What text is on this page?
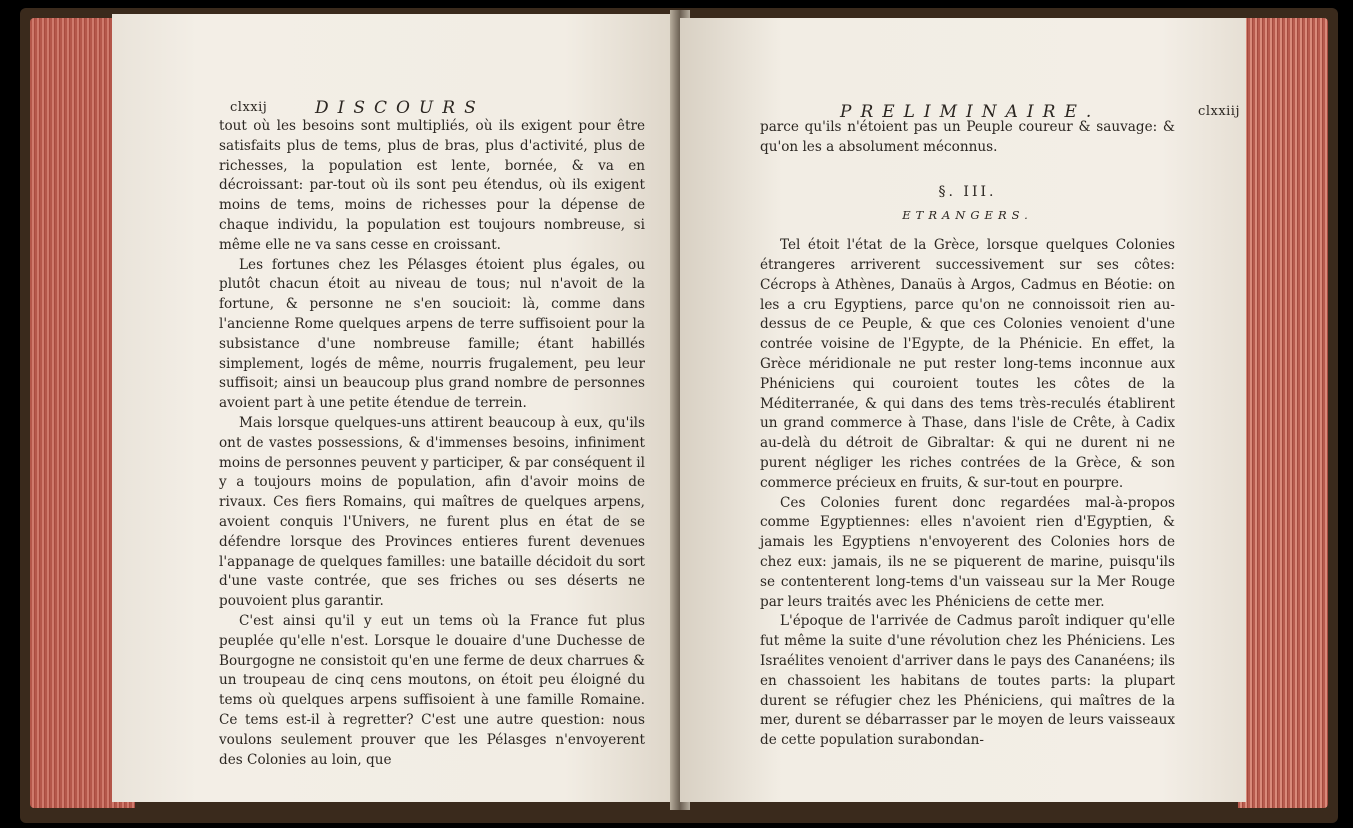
clxxij	DISCOURS

tout où les besoins sont multipliés, où ils exigent pour être satisfaits plus de tems, plus de bras, plus d'activité, plus de richesses, la population est lente, bornée, & va en décroissant: par-tout où ils sont peu étendus, où ils exigent moins de tems, moins de richesses pour la dépense de chaque individu, la population est toujours nombreuse, si même elle ne va sans cesse en croissant.

Les fortunes chez les Pélasges étoient plus égales, ou plutôt chacun étoit au niveau de tous; nul n'avoit de la fortune, & personne ne s'en soucioit: là, comme dans l'ancienne Rome quelques arpens de terre suffisoient pour la subsistance d'une nombreuse famille; étant habillés simplement, logés de même, nourris frugalement, peu leur suffisoit; ainsi un beaucoup plus grand nombre de personnes avoient part à une petite étendue de terrein.

Mais lorsque quelques-uns attirent beaucoup à eux, qu'ils ont de vastes possessions, & d'immenses besoins, infiniment moins de personnes peuvent y participer, & par conséquent il y a toujours moins de population, afin d'avoir moins de rivaux. Ces fiers Romains, qui maîtres de quelques arpens, avoient conquis l'Univers, ne furent plus en état de se défendre lorsque des Provinces entieres furent devenues l'appanage de quelques familles: une bataille décidoit du sort d'une vaste contrée, que ses friches ou ses déserts ne pouvoient plus garantir.

C'est ainsi qu'il y eut un tems où la France fut plus peuplée qu'elle n'est. Lorsque le douaire d'une Duchesse de Bourgogne ne consistoit qu'en une ferme de deux charrues & un troupeau de cinq cens moutons, on étoit peu éloigné du tems où quelques arpens suffisoient à une famille Romaine. Ce tems est-il à regretter? C'est une autre question: nous voulons seulement prouver que les Pélasges n'envoyerent des Colonies au loin, que

PRELIMINAIRE.	clxxiij

parce qu'ils n'étoient pas un Peuple coureur & sauvage: & qu'on les a absolument méconnus.

§. III.
ETRANGERS.

Tel étoit l'état de la Grèce, lorsque quelques Colonies étrangeres arriverent successivement sur ses côtes: Cécrops à Athènes, Danaüs à Argos, Cadmus en Béotie: on les a cru Egyptiens, parce qu'on ne connoissoit rien au-dessus de ce Peuple, & que ces Colonies venoient d'une contrée voisine de l'Egypte, de la Phénicie. En effet, la Grèce méridionale ne put rester long-tems inconnue aux Phéniciens qui couroient toutes les côtes de la Méditerranée, & qui dans des tems très-reculés établirent un grand commerce à Thase, dans l'isle de Crête, à Cadix au-delà du détroit de Gibraltar: & qui ne durent ni ne purent négliger les riches contrées de la Grèce, & son commerce précieux en fruits, & sur-tout en pourpre.

Ces Colonies furent donc regardées mal-à-propos comme Egyptiennes: elles n'avoient rien d'Egyptien, & jamais les Egyptiens n'envoyerent des Colonies hors de chez eux: jamais, ils ne se piquerent de marine, puisqu'ils se contenterent long-tems d'un vaisseau sur la Mer Rouge par leurs traités avec les Phéniciens de cette mer.

L'époque de l'arrivée de Cadmus paroît indiquer qu'elle fut même la suite d'une révolution chez les Phéniciens. Les Israélites venoient d'arriver dans le pays des Cananéens; ils en chassoient les habitans de toutes parts: la plupart durent se réfugier chez les Phéniciens, qui maîtres de la mer, durent se débarrasser par le moyen de leurs vaisseaux de cette population surabondan-
